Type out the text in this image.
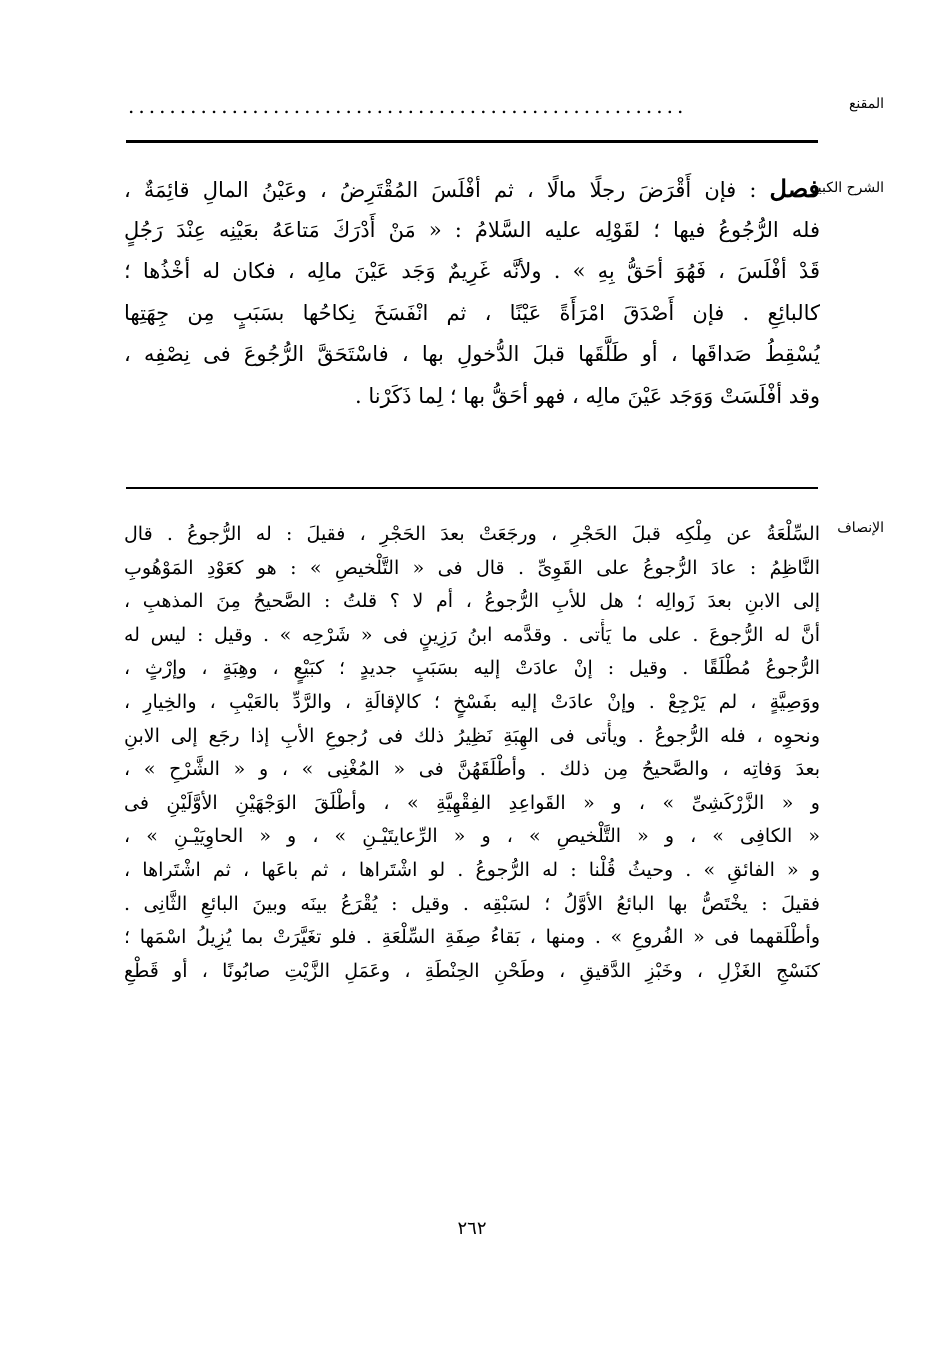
المقنع
......................................................
الشرح الكبير
فصل : فإن أَقْرَضَ رجلًا مالًا ، ثم أفْلَسَ المُقْتَرِضُ ، وعَيْنُ المالِ قائِمَةٌ ،
فله الرُّجُوعُ فيها ؛ لقَوْلِه عليه السَّلامُ : « مَنْ أَدْرَكَ مَتاعَهُ بعَيْنِه عِنْدَ رَجُلٍ
قَدْ أفْلَسَ ، فَهُوَ أحَقُّ بِهِ » . ولأنَّه غَرِيمٌ وَجَد عَيْنَ مالِه ، فكان له أخْذُها ؛
كالبائِعِ . فإن أَصْدَقَ امْرَأَةً عَيْنًا ، ثم انْفَسَخَ نِكاحُها بسَبَبٍ مِن جِهَتِها
يُسْقِطُ صَداقَها ، أو طَلَّقَها قبلَ الدُّخولِ بها ، فاسْتَحَقَّ الرُّجُوعَ فى نِصْفِه ،
وقد أفْلَسَتْ وَوَجَد عَيْنَ مالِه ، فهو أحَقُّ بها ؛ لِما ذَكَرْنا .
الإنصاف
السِّلْعَةُ عن مِلْكِه قبلَ الحَجْرِ ، ورجَعَتْ بعدَ الحَجْرِ ، فقيلَ : له الرُّجوعُ . قال
النَّاظِمُ : عادَ الرُّجوعُ على القَوِىِّ . قال فى « التَّلْخيصِ » : هو كعَوْدِ المَوْهُوبِ
إلى الابنِ بعدَ زَوالِه ؛ هل للأبِ الرُّجوعُ ، أم لا ؟ قلتُ : الصَّحيحُ مِنَ المذهبِ ،
أنَّ له الرُّجوعَ . على ما يَأْتى . وقدَّمه ابنُ رَزِينٍ فى « شَرْحِه » . وقيل : ليس له
الرُّجوعُ مُطْلَقًا . وقيل : إنْ عادَتْ إليه بسَبَبٍ جديدٍ ؛ كبَيْعٍ ، وهِبَةٍ ، وإرْثٍ ،
ووَصِيَّةٍ ، لم يَرْجِعْ . وإنْ عادَتْ إليه بفَسْخٍ ؛ كالإقالَةِ ، والرَّدِّ بالعَيْبِ ، والخِيارِ ،
ونحوِه ، فله الرُّجوعُ . ويأْتى فى الهِبَةِ نَظِيرُ ذلك فى رُجوعِ الأبِ إذا رجَع إلى الابنِ
بعدَ وَفاتِه ، والصَّحيحُ مِن ذلك . وأطْلَقَهُنَّ فى « المُغْنِى » ، و « الشَّرْحِ » ،
و « الزَّرْكَشِىِّ » ، و « القَواعِدِ الفِقْهِيَّةِ » ، وأطْلَقَ الوَجْهَيْنِ الأوَّلَيْنِ فى
« الكافِى » ، و « التَّلْخيصِ » ، و « الرِّعايتَيْـنِ » ، و « الحاوِيَيْـنِ » ،
و « الفائقِ » . وحيثُ قُلْنا : له الرُّجوعُ . لو اشْتَراها ، ثم باعَها ، ثم اشْتَراها ،
فقيلَ : يخْتَصُّ بها البائعُ الأوَّلُ ؛ لسَبْقِه . وقيل : يُقْرَعُ بينَه وبينَ البائعِ الثَّانِى .
وأطْلَقهما فى « الفُروعِ » . ومنها ، بَقاءُ صِفَةِ السِّلْعَةِ . فلو تغَيَّرَتْ بما يُزِيلُ اسْمَها ؛
كنَسْجِ الغَزْلِ ، وخَبْزِ الدَّقيقِ ، وطَحْنِ الحِنْطَةِ ، وعَمَلِ الزَّيْتِ صابُونًا ، أو قَطْعِ
٢٦٢
